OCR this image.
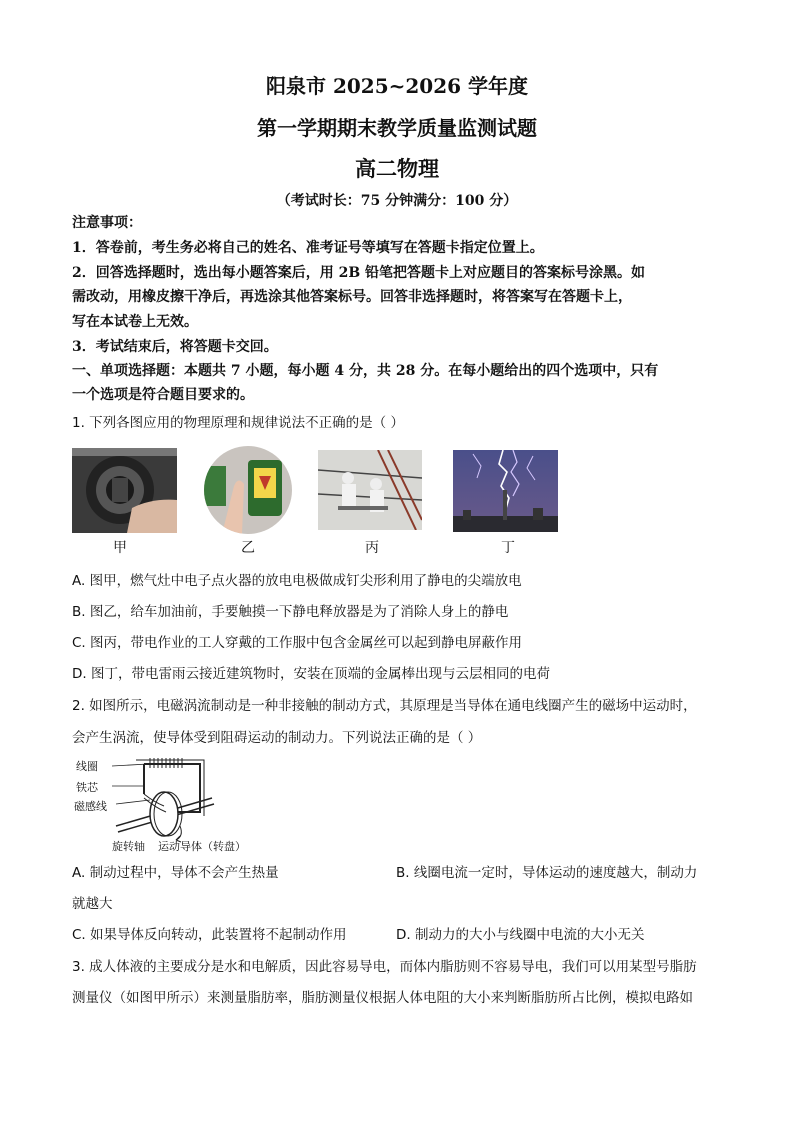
阳泉市 2025~2026 学年度
第一学期期末教学质量监测试题
高二物理
（考试时长：75 分钟满分：100 分）
注意事项：
1．答卷前，考生务必将自己的姓名、准考证号等填写在答题卡指定位置上。
2．回答选择题时，选出每小题答案后，用 2B 铅笔把答题卡上对应题目的答案标号涂黑。如
需改动，用橡皮擦干净后，再选涂其他答案标号。回答非选择题时，将答案写在答题卡上，
写在本试卷上无效。
3．考试结束后，将答题卡交回。
一、单项选择题：本题共 7 小题，每小题 4 分，共 28 分。在每小题给出的四个选项中，只有
一个选项是符合题目要求的。
1. 下列各图应用的物理原理和规律说法不正确的是（ ）
甲	乙	丙	丁
A. 图甲，燃气灶中电子点火器的放电电极做成钉尖形利用了静电的尖端放电
B. 图乙，给车加油前，手要触摸一下静电释放器是为了消除人身上的静电
C. 图丙，带电作业的工人穿戴的工作服中包含金属丝可以起到静电屏蔽作用
D. 图丁，带电雷雨云接近建筑物时，安装在顶端的金属棒出现与云层相同的电荷
2. 如图所示，电磁涡流制动是一种非接触的制动方式，其原理是当导体在通电线圈产生的磁场中运动时，
会产生涡流，使导体受到阻碍运动的制动力。下列说法正确的是（ ）
线圈
铁芯
磁感线
旋转轴 运动导体（转盘）
A. 制动过程中，导体不会产生热量	B. 线圈电流一定时，导体运动的速度越大，制动力
就越大
C. 如果导体反向转动，此装置将不起制动作用	D. 制动力的大小与线圈中电流的大小无关
3. 成人体液的主要成分是水和电解质，因此容易导电，而体内脂肪则不容易导电，我们可以用某型号脂肪
测量仪（如图甲所示）来测量脂肪率，脂肪测量仪根据人体电阻的大小来判断脂肪所占比例，模拟电路如
